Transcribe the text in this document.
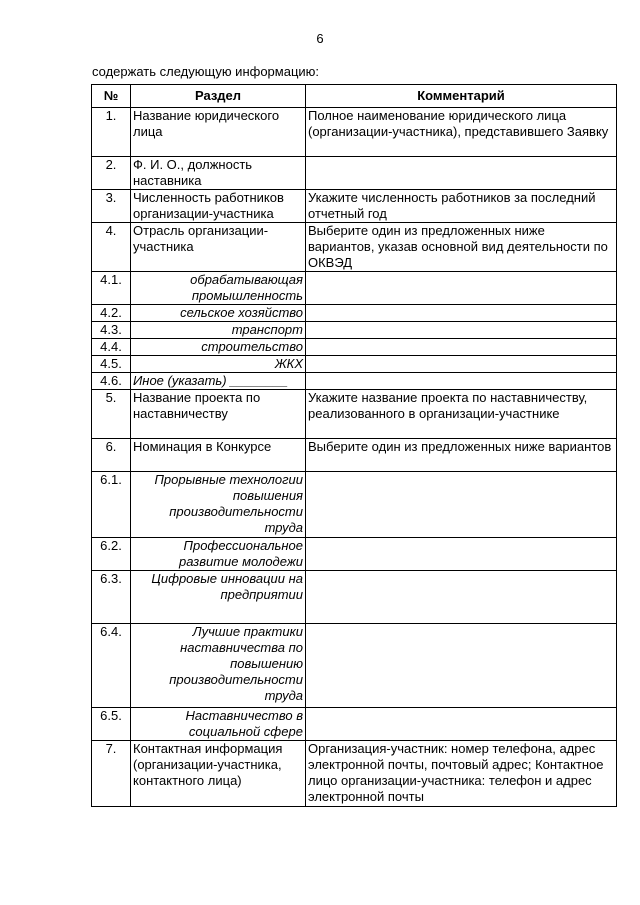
6
содержать следующую информацию:
№	Раздел	Комментарий
1.	Название юридического лица	Полное наименование юридического лица (организации-участника), представившего Заявку
2.	Ф. И. О., должность наставника	
3.	Численность работников организации-участника	Укажите численность работников за последний отчетный год
4.	Отрасль организации-участника	Выберите один из предложенных ниже вариантов, указав основной вид деятельности по ОКВЭД
4.1.	обрабатывающая промышленность	
4.2.	сельское хозяйство	
4.3.	транспорт	
4.4.	строительство	
4.5.	ЖКХ	
4.6.	Иное (указать) ________	
5.	Название проекта по наставничеству	Укажите название проекта по наставничеству, реализованного в организации-участнике
6.	Номинация в Конкурсе	Выберите один из предложенных ниже вариантов
6.1.	Прорывные технологии повышения производительности труда	
6.2.	Профессиональное развитие молодежи	
6.3.	Цифровые инновации на предприятии	
6.4.	Лучшие практики наставничества по повышению производительности труда	
6.5.	Наставничество в социальной сфере	
7.	Контактная информация (организации-участника, контактного лица)	Организация-участник: номер телефона, адрес электронной почты, почтовый адрес; Контактное лицо организации-участника: телефон и адрес электронной почты
